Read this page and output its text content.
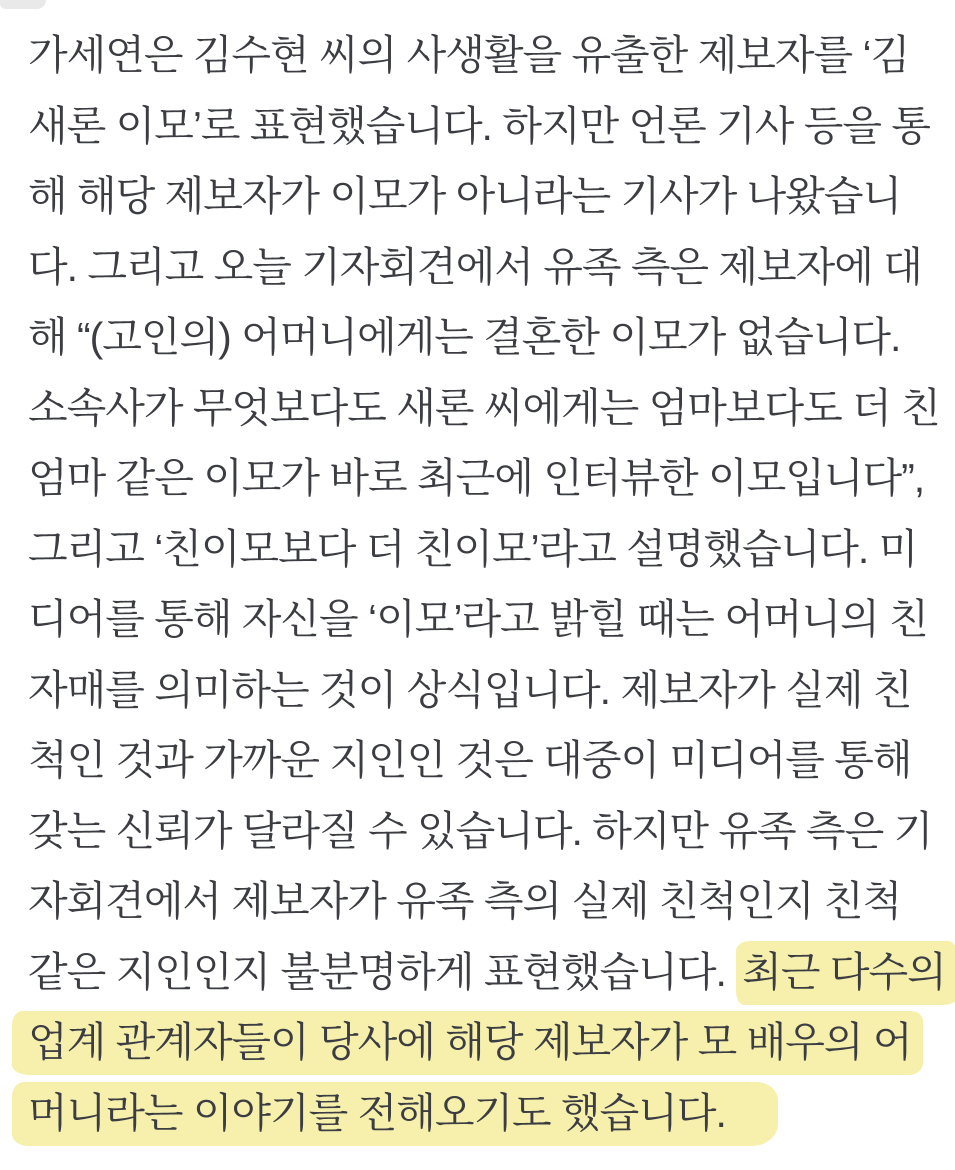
가세연은 김수현 씨의 사생활을 유출한 제보자를 ‘김
새론 이모’로 표현했습니다. 하지만 언론 기사 등을 통
해 해당 제보자가 이모가 아니라는 기사가 나왔습니
다. 그리고 오늘 기자회견에서 유족 측은 제보자에 대
해 “(고인의) 어머니에게는 결혼한 이모가 없습니다.
소속사가 무엇보다도 새론 씨에게는 엄마보다도 더 친
엄마 같은 이모가 바로 최근에 인터뷰한 이모입니다”,
그리고 ‘친이모보다 더 친이모’라고 설명했습니다. 미
디어를 통해 자신을 ‘이모’라고 밝힐 때는 어머니의 친
자매를 의미하는 것이 상식입니다. 제보자가 실제 친
척인 것과 가까운 지인인 것은 대중이 미디어를 통해
갖는 신뢰가 달라질 수 있습니다. 하지만 유족 측은 기
자회견에서 제보자가 유족 측의 실제 친척인지 친척
같은 지인인지 불분명하게 표현했습니다. 최근 다수의
업계 관계자들이 당사에 해당 제보자가 모 배우의 어
머니라는 이야기를 전해오기도 했습니다.
